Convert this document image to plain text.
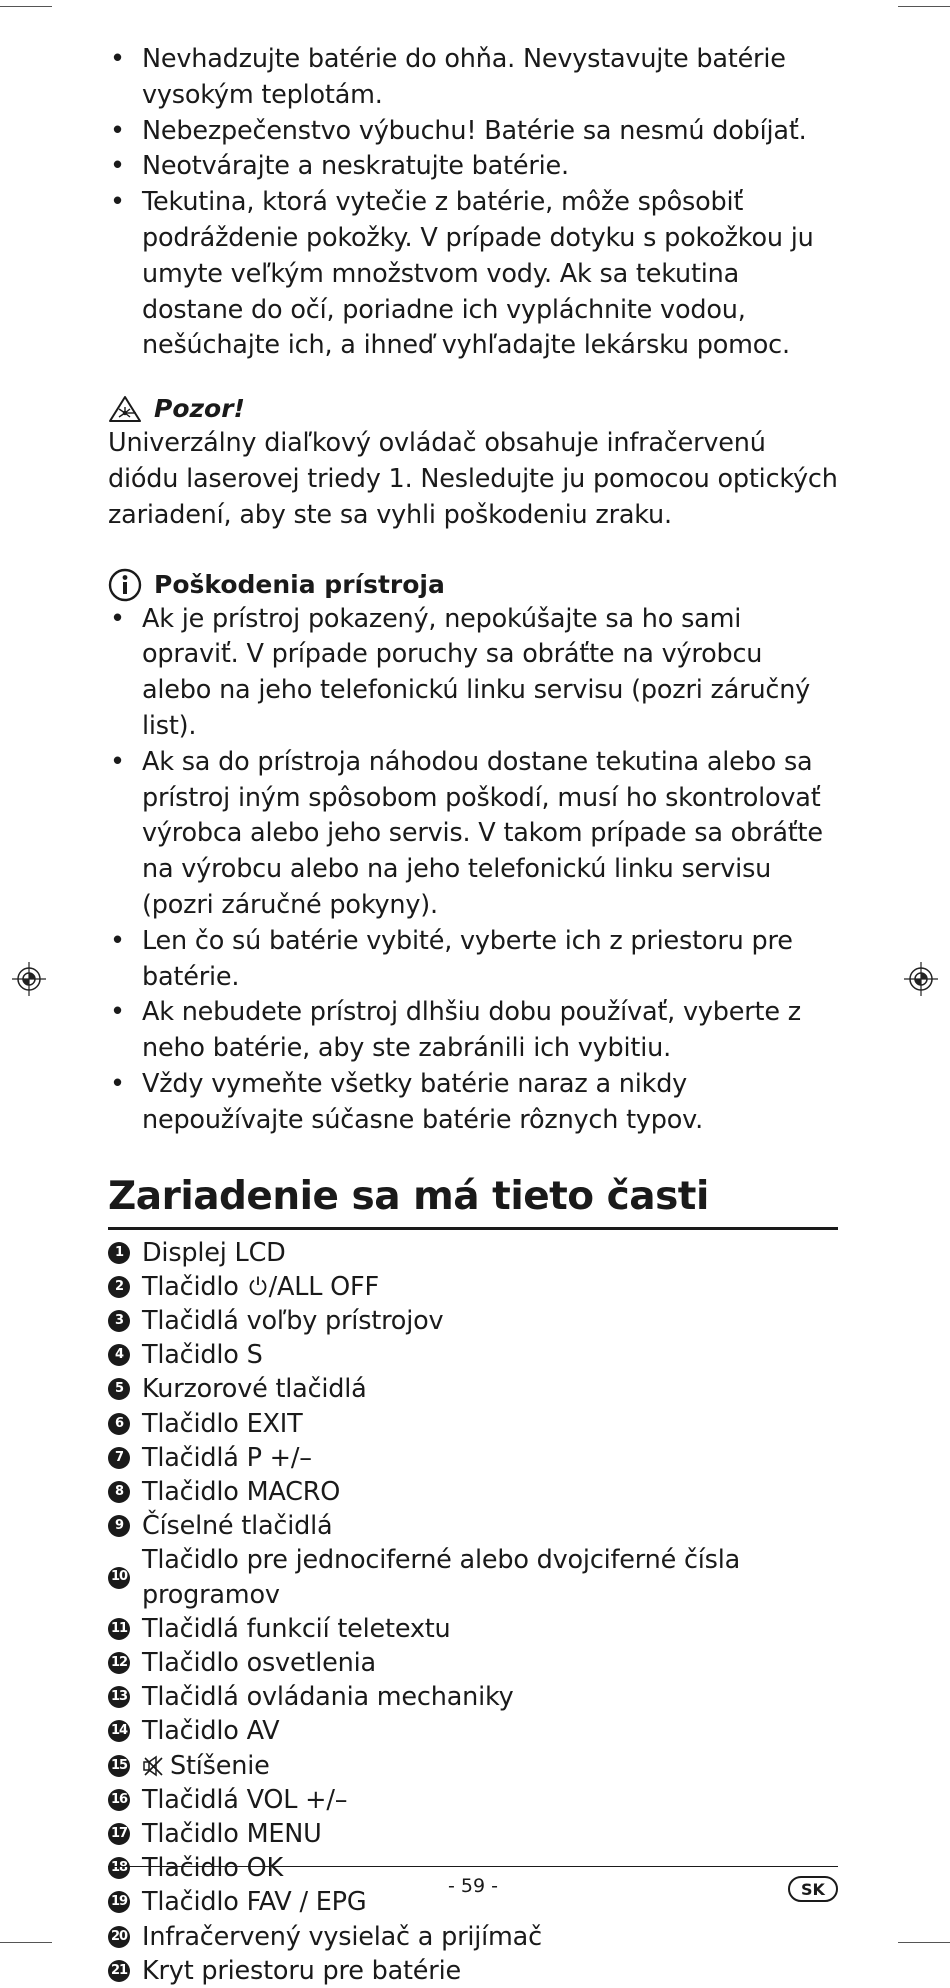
• Nevhadzujte batérie do ohňa. Nevystavujte batérie vysokým teplotám.
• Nebezpečenstvo výbuchu! Batérie sa nesmú dobíjať.
• Neotvárajte a neskratujte batérie.
• Tekutina, ktorá vytečie z batérie, môže spôsobiť podráždenie pokožky. V prípade dotyku s pokožkou ju umyte veľkým množstvom vody. Ak sa tekutina dostane do očí, poriadne ich vypláchnite vodou, nešúchajte ich, a ihneď vyhľadajte lekársku pomoc.
Pozor!

Univerzálny diaľkový ovládač obsahuje infračervenú diódu laserovej triedy 1. Nesledujte ju pomocou optických zariadení, aby ste sa vyhli poškodeniu zraku.

Poškodenia prístroja
• Ak je prístroj pokazený, nepokúšajte sa ho sami opraviť. V prípade poruchy sa obráťte na výrobcu alebo na jeho telefonickú linku servisu (pozri záručný list).
• Ak sa do prístroja náhodou dostane tekutina alebo sa prístroj iným spôsobom poškodí, musí ho skontrolovať výrobca alebo jeho servis. V takom prípade sa obráťte na výrobcu alebo na jeho telefonickú linku servisu (pozri záručné pokyny).
• Len čo sú batérie vybité, vyberte ich z priestoru pre batérie.
• Ak nebudete prístroj dlhšiu dobu používať, vyberte z neho batérie, aby ste zabránili ich vybitiu.
• Vždy vymeňte všetky batérie naraz a nikdy nepoužívajte súčasne batérie rôznych typov.
Zariadenie sa má tieto časti
1 Displej LCD
2 Tlačidlo /ALL OFF
3 Tlačidlá voľby prístrojov
4 Tlačidlo S
5 Kurzorové tlačidlá
6 Tlačidlo EXIT
7 Tlačidlá P +/–
8 Tlačidlo MACRO
9 Číselné tlačidlá
10
Tlačidlo pre jednociferné alebo dvojciferné čísla programov
11 Tlačidlá funkcií teletextu
12 Tlačidlo osvetlenia
13 Tlačidlá ovládania mechaniky
14 Tlačidlo AV
15	Stíšenie
16 Tlačidlá VOL +/–
17 Tlačidlo MENU
18 Tlačidlo OK
19 Tlačidlo FAV / EPG
20 Infračervený vysielač a prijímač
21 Kryt priestoru pre batérie
- 59 -	SK
